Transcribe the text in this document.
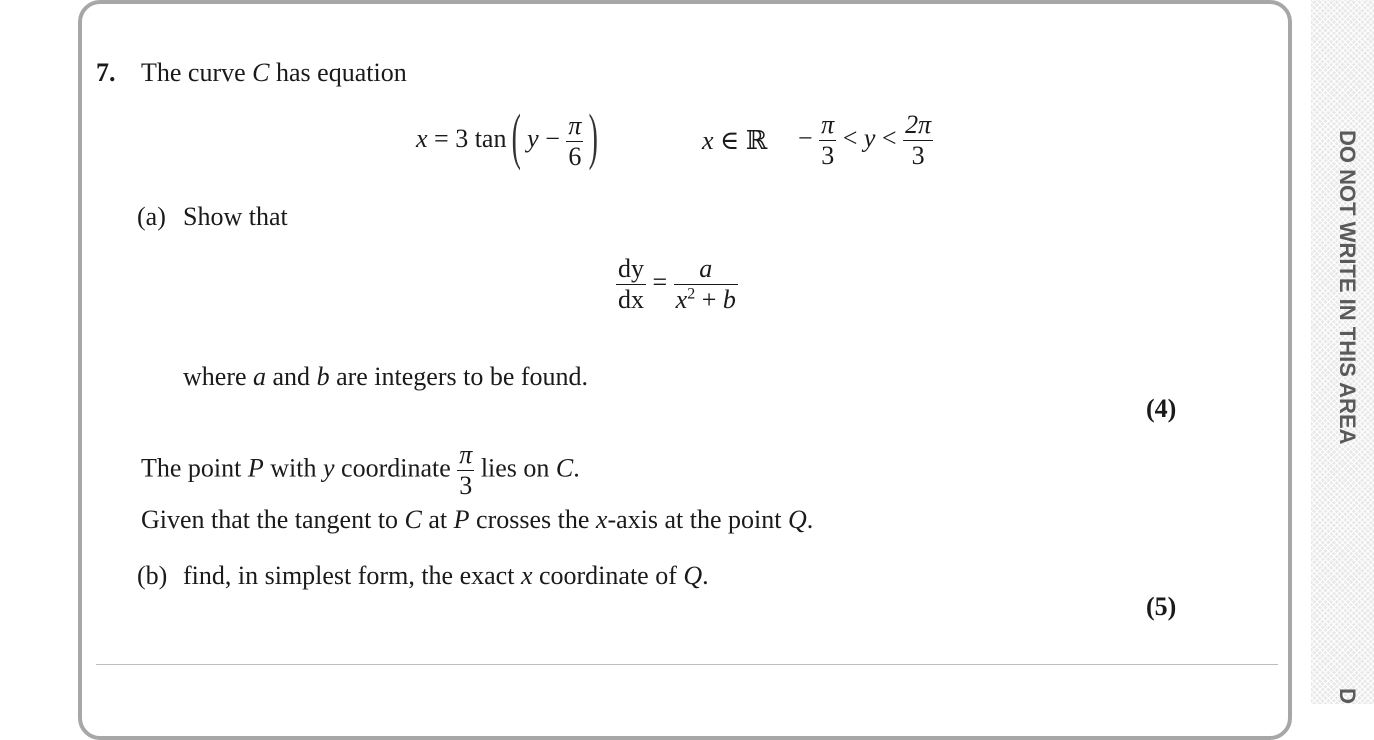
DO NOT WRITE IN THIS AREA
D
7. The curve C has equation
x = 3 tan( $y - \frac{\pi}{6}$ )	x ∈ ℝ − $\frac{\pi}{3} < y < \frac{2\pi}{3}$
(a) Show that
$\frac{dy}{dx} = \frac{a}{x^2 + b}$
where a and b are integers to be found.
(4)
The point P with y coordinate $\frac{\pi}{3}$ lies on C.
Given that the tangent to C at P crosses the x-axis at the point Q.
(b) find, in simplest form, the exact x coordinate of Q.
(5)
